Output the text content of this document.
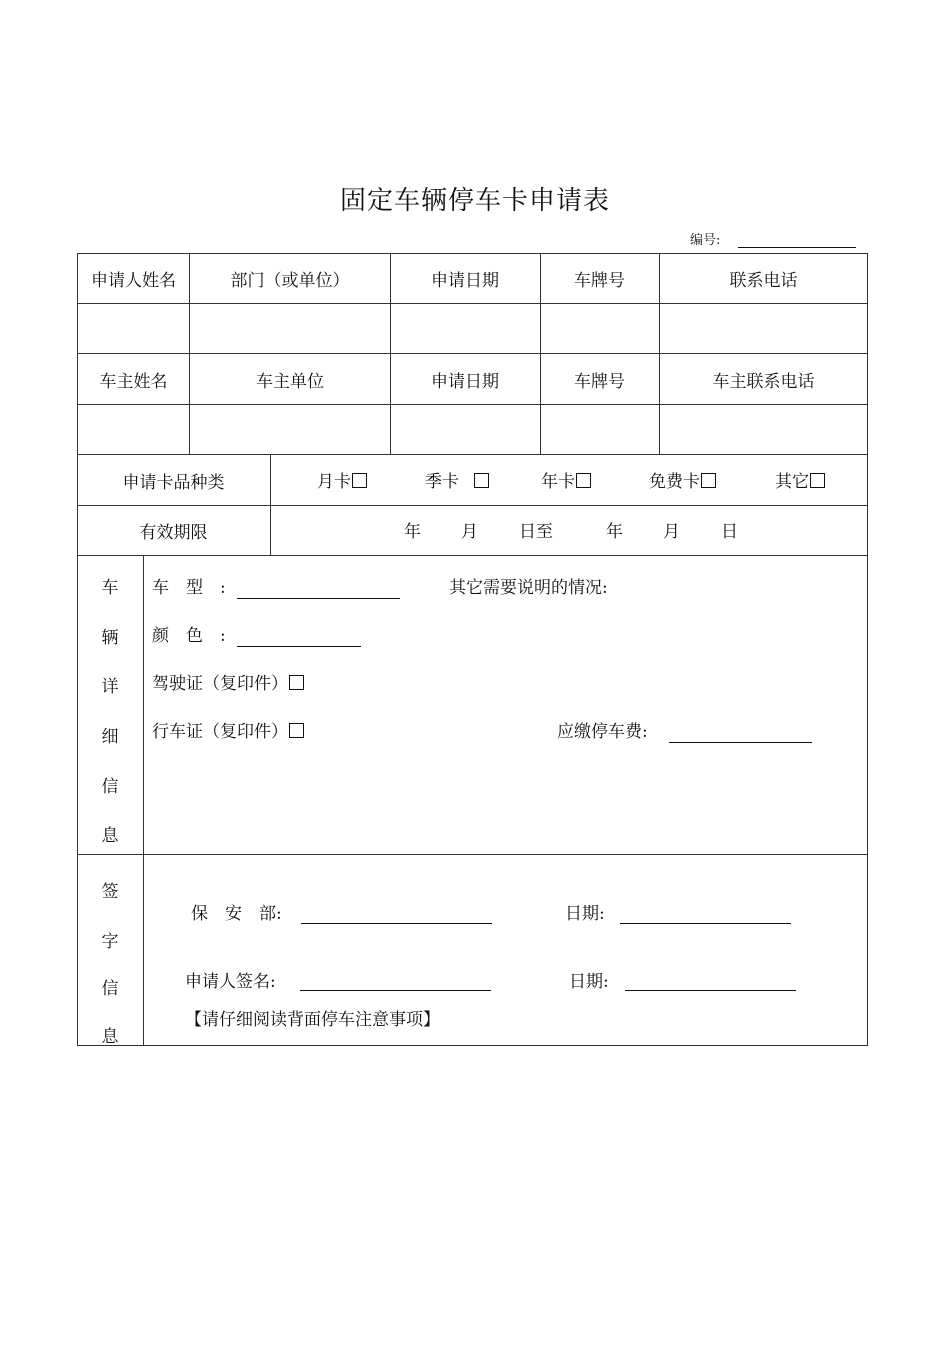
固定车辆停车卡申请表
编号:
申请人姓名	部门（或单位）	申请日期	车牌号	联系电话
车主姓名	车主单位	申请日期	车牌号	车主联系电话
申请卡品种类	月卡	季卡	年卡	免费卡	其它
有效期限	年 月 日至	年 月 日
车
辆
详
细
信
息
车　型　:	其它需要说明的情况:
颜　色　:
驾驶证（复印件）
行车证（复印件）	应缴停车费:
签
字
信
息
保　安　部:	日期:
申请人签名:	日期:
【请仔细阅读背面停车注意事项】
